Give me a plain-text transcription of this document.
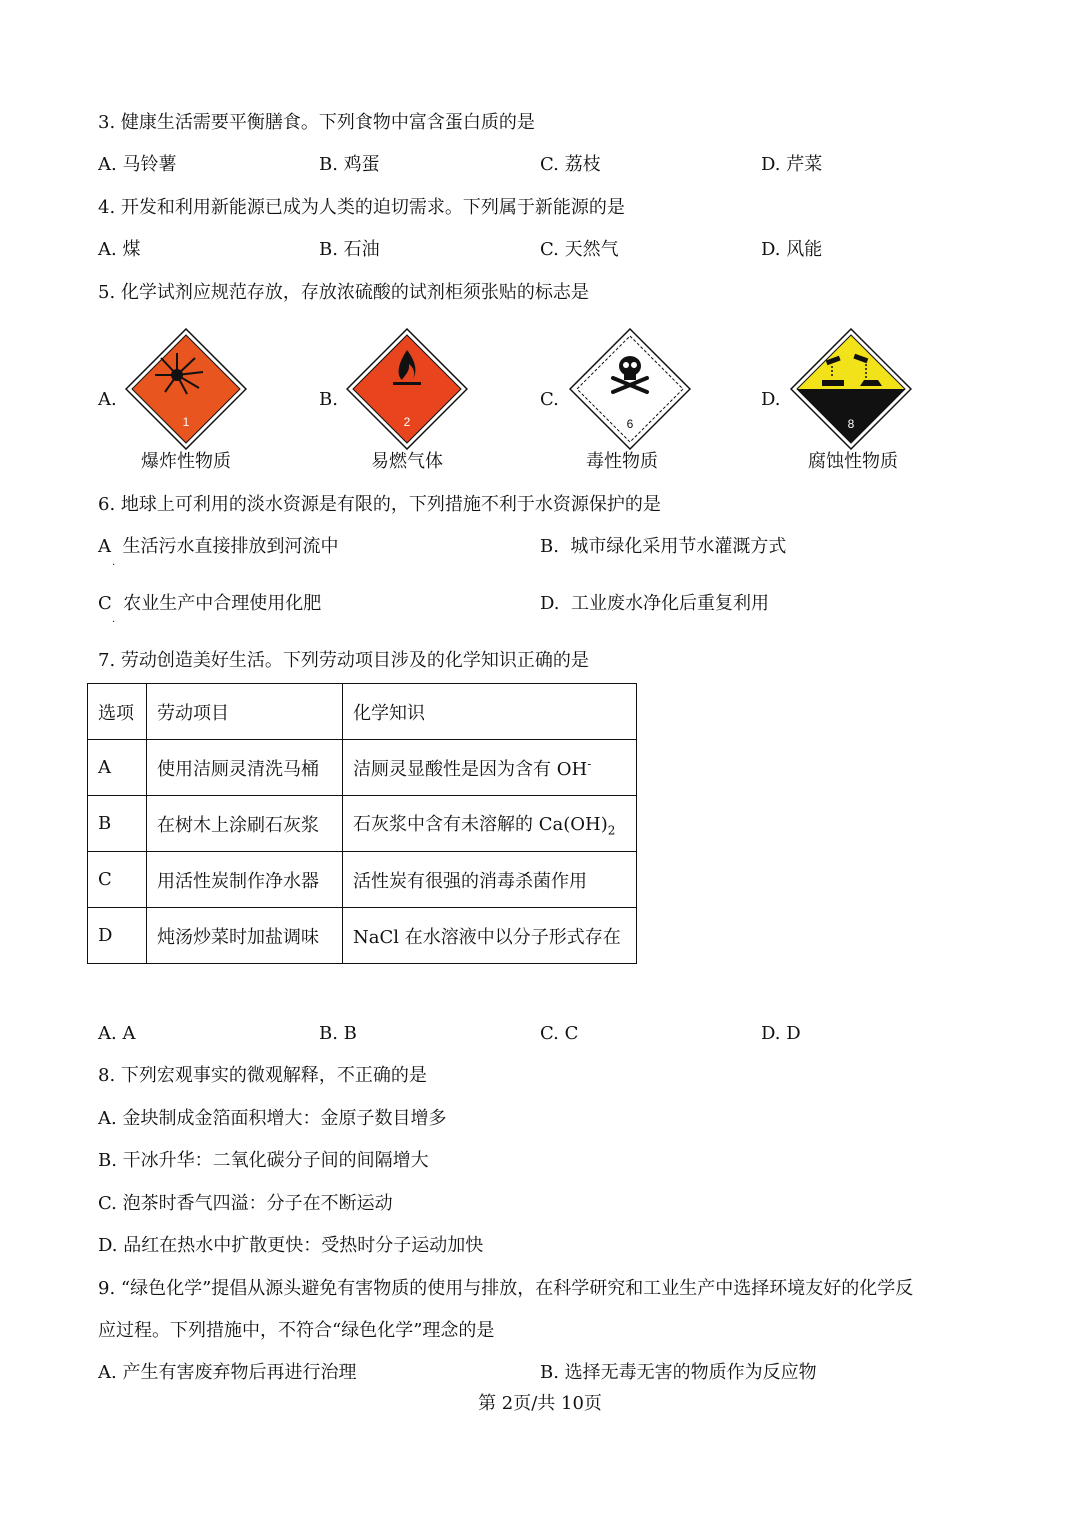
3. 健康生活需要平衡膳食。下列食物中富含蛋白质的是
A. 马铃薯	B. 鸡蛋	C. 荔枝	D. 芹菜
4. 开发和利用新能源已成为人类的迫切需求。下列属于新能源的是
A. 煤	B. 石油	C. 天然气	D. 风能
5. 化学试剂应规范存放，存放浓硫酸的试剂柜须张贴的标志是
A.
1
爆炸性物质
B.
2
易燃气体
C.
6
毒性物质
D.
8
腐蚀性物质
6. 地球上可利用的淡水资源是有限的，下列措施不利于水资源保护的是
A 生活污水直接排放到河流中
·
B. 城市绿化采用节水灌溉方式
C 农业生产中合理使用化肥
·
D. 工业废水净化后重复利用
7. 劳动创造美好生活。下列劳动项目涉及的化学知识正确的是
选项	劳动项目	化学知识
A	使用洁厕灵清洗马桶	洁厕灵显酸性是因为含有 OH-
B	在树木上涂刷石灰浆	石灰浆中含有未溶解的 $Ca(OH)_2$
C	用活性炭制作净水器	活性炭有很强的消毒杀菌作用
D	炖汤炒菜时加盐调味	NaCl 在水溶液中以分子形式存在
A. A	B. B	C. C	D. D
8. 下列宏观事实的微观解释，不正确的是
A. 金块制成金箔面积增大：金原子数目增多
B. 干冰升华：二氧化碳分子间的间隔增大
C. 泡茶时香气四溢：分子在不断运动
D. 品红在热水中扩散更快：受热时分子运动加快
9. “绿色化学”提倡从源头避免有害物质的使用与排放，在科学研究和工业生产中选择环境友好的化学反
应过程。下列措施中，不符合“绿色化学”理念的是
A. 产生有害废弃物后再进行治理	B. 选择无毒无害的物质作为反应物
第 2页/共 10页
